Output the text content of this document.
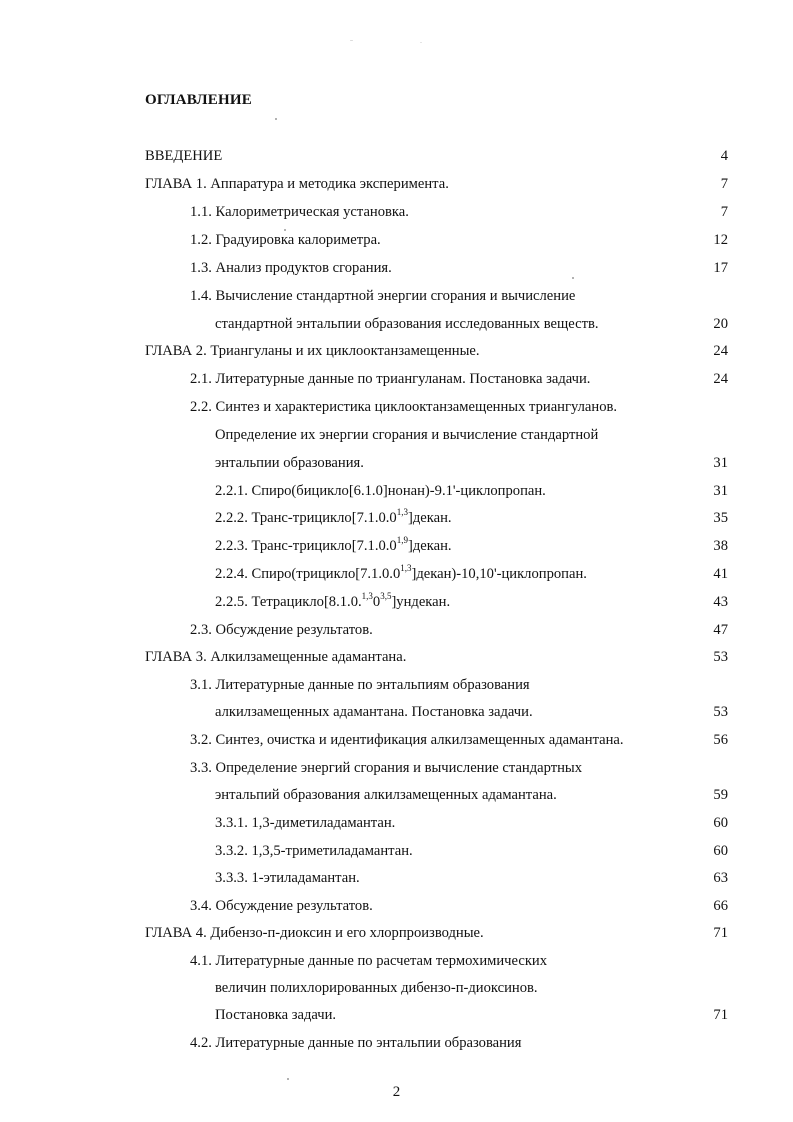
ОГЛАВЛЕНИЕ
ВВЕДЕНИЕ	4
ГЛАВА 1. Аппаратура и методика эксперимента.	7
1.1. Калориметрическая установка.	7
1.2. Градуировка калориметра.	12
1.3. Анализ продуктов сгорания.	17
1.4. Вычисление стандартной энергии сгорания и вычисление
стандартной энтальпии образования исследованных веществ.	20
ГЛАВА 2. Триангуланы и их циклооктанзамещенные.	24
2.1. Литературные данные по триангуланам. Постановка задачи.	24
2.2. Синтез и характеристика циклооктанзамещенных триангуланов.
Определение их энергии сгорания и вычисление стандартной
энтальпии образования.	31
2.2.1. Спиро(бицикло[6.1.0]нонан)-9.1'-циклопропан.	31
2.2.2. Транс-трицикло[7.1.0.0$^{1,3}$]декан.	35
2.2.3. Транс-трицикло[7.1.0.0$^{1,9}$]декан.	38
2.2.4. Спиро(трицикло[7.1.0.0$^{1,3}$]декан)-10,10'-циклопропан.	41
2.2.5. Тетрацикло[8.1.0.$^{1,3}$0$^{3,5}$]ундекан.	43
2.3. Обсуждение результатов.	47
ГЛАВА 3. Алкилзамещенные адамантана.	53
3.1. Литературные данные по энтальпиям образования
алкилзамещенных адамантана. Постановка задачи.	53
3.2. Синтез, очистка и идентификация алкилзамещенных адамантана.	56
3.3. Определение энергий сгорания и вычисление стандартных
энтальпий образования алкилзамещенных адамантана.	59
3.3.1. 1,3-диметиладамантан.	60
3.3.2. 1,3,5-триметиладамантан.	60
3.3.3. 1-этиладамантан.	63
3.4. Обсуждение результатов.	66
ГЛАВА 4. Дибензо-п-диоксин и его хлорпроизводные.	71
4.1. Литературные данные по расчетам термохимических
величин полихлорированных дибензо-п-диоксинов.
Постановка задачи.	71
4.2. Литературные данные по энтальпии образования
2
